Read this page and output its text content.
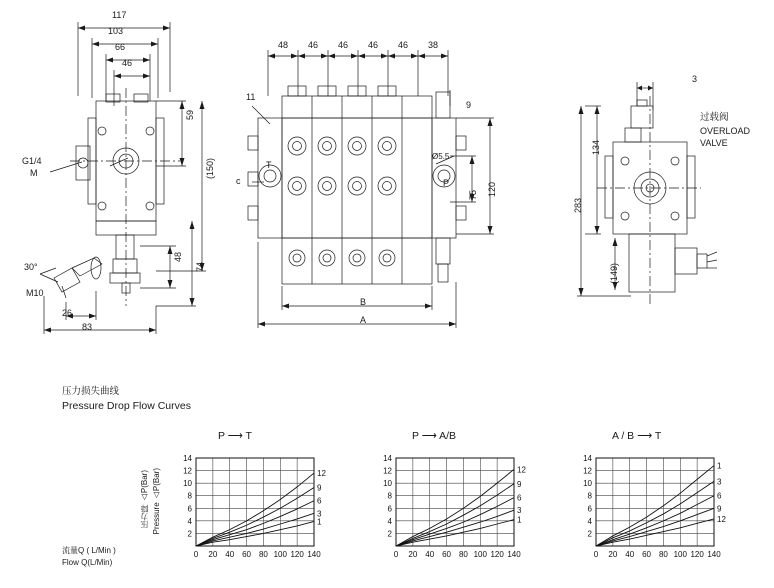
117
103
66
46
59
(150)
48
74
83
26
G1/4
M
M10
30°
48 46 46 46 46 38
11
c
9
75 120
Ø5.5
T
P
B
A
3
134
283
(149)
过载阀
OVERLOAD
VALVE
压力损失曲线
Pressure Drop Flow Curves
压力降 △P(Bar) Pressure △P(Bar)
流量Q ( L/Min )
Flow Q(L/Min)
P ⟶ T	P ⟶ A/B	A / B ⟶ T
2
4
6
8
10
12
14
0 20 40 60 80 100 120 140
12
9
6
3
1
2
4
6
8
10
12
14
0 20 40 60 80 100 120 140
12
9
6
3
1
2
4
6
8
10
12
14
0 20 40 60 80 100 120 140
1
3
6
9
12
